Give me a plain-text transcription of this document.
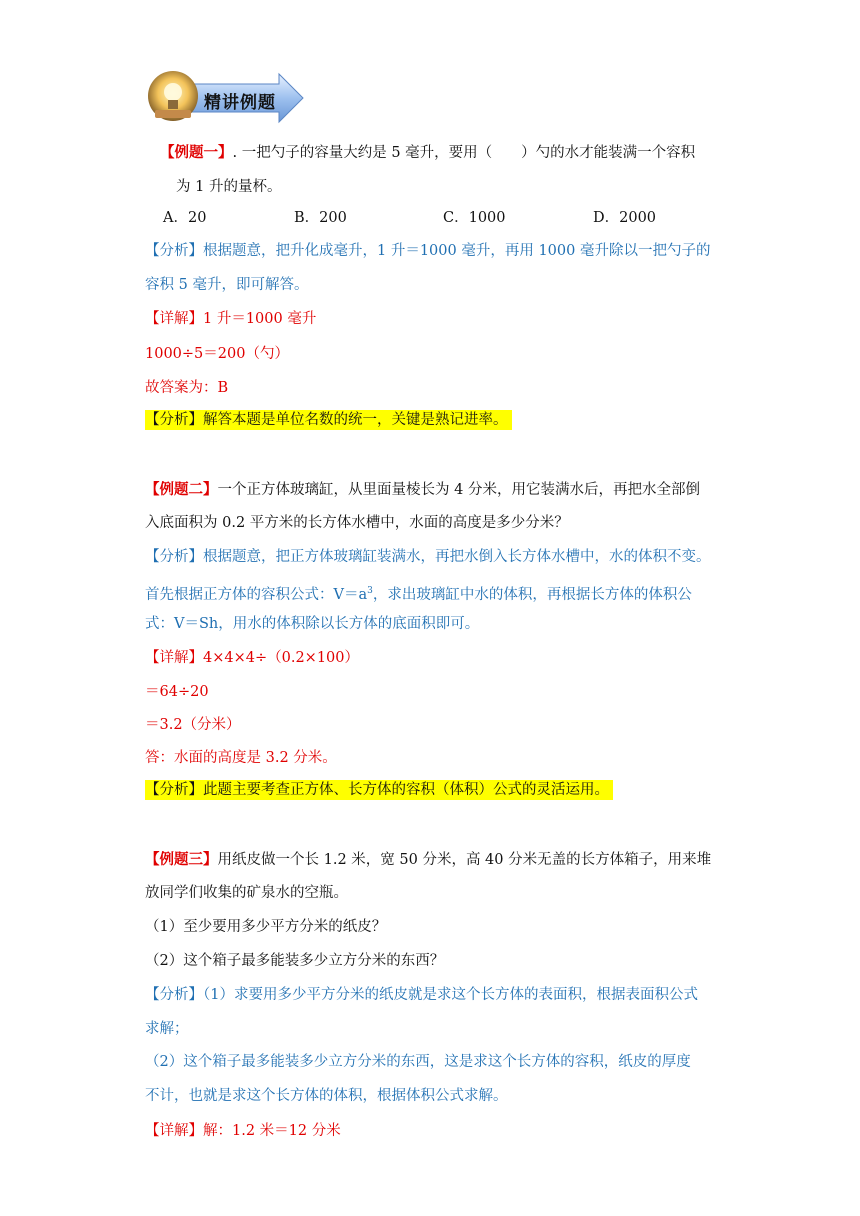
精讲例题
【例题一】. 一把勺子的容量大约是 5 毫升，要用（　　）勺的水才能装满一个容积
为 1 升的量杯。
A．20	B．200	C．1000	D．2000
【分析】根据题意，把升化成毫升，1 升＝1000 毫升，再用 1000 毫升除以一把勺子的
容积 5 毫升，即可解答。
【详解】1 升＝1000 毫升
1000÷5＝200（勺）
故答案为：B
【分析】解答本题是单位名数的统一，关键是熟记进率。
【例题二】一个正方体玻璃缸，从里面量棱长为 4 分米，用它装满水后，再把水全部倒
入底面积为 0.2 平方米的长方体水槽中，水面的高度是多少分米？
【分析】根据题意，把正方体玻璃缸装满水，再把水倒入长方体水槽中，水的体积不变。
首先根据正方体的容积公式：$V=a^3$，求出玻璃缸中水的体积，再根据长方体的体积公
式：V＝Sh，用水的体积除以长方体的底面积即可。
【详解】4×4×4÷（0.2×100）
＝64÷20
＝3.2（分米）
答：水面的高度是 3.2 分米。
【分析】此题主要考查正方体、长方体的容积（体积）公式的灵活运用。
【例题三】用纸皮做一个长 1.2 米，宽 50 分米，高 40 分米无盖的长方体箱子，用来堆
放同学们收集的矿泉水的空瓶。
（1）至少要用多少平方分米的纸皮？
（2）这个箱子最多能装多少立方分米的东西？
【分析】（1）求要用多少平方分米的纸皮就是求这个长方体的表面积，根据表面积公式
求解；
（2）这个箱子最多能装多少立方分米的东西，这是求这个长方体的容积，纸皮的厚度
不计，也就是求这个长方体的体积，根据体积公式求解。
【详解】解：1.2 米＝12 分米
